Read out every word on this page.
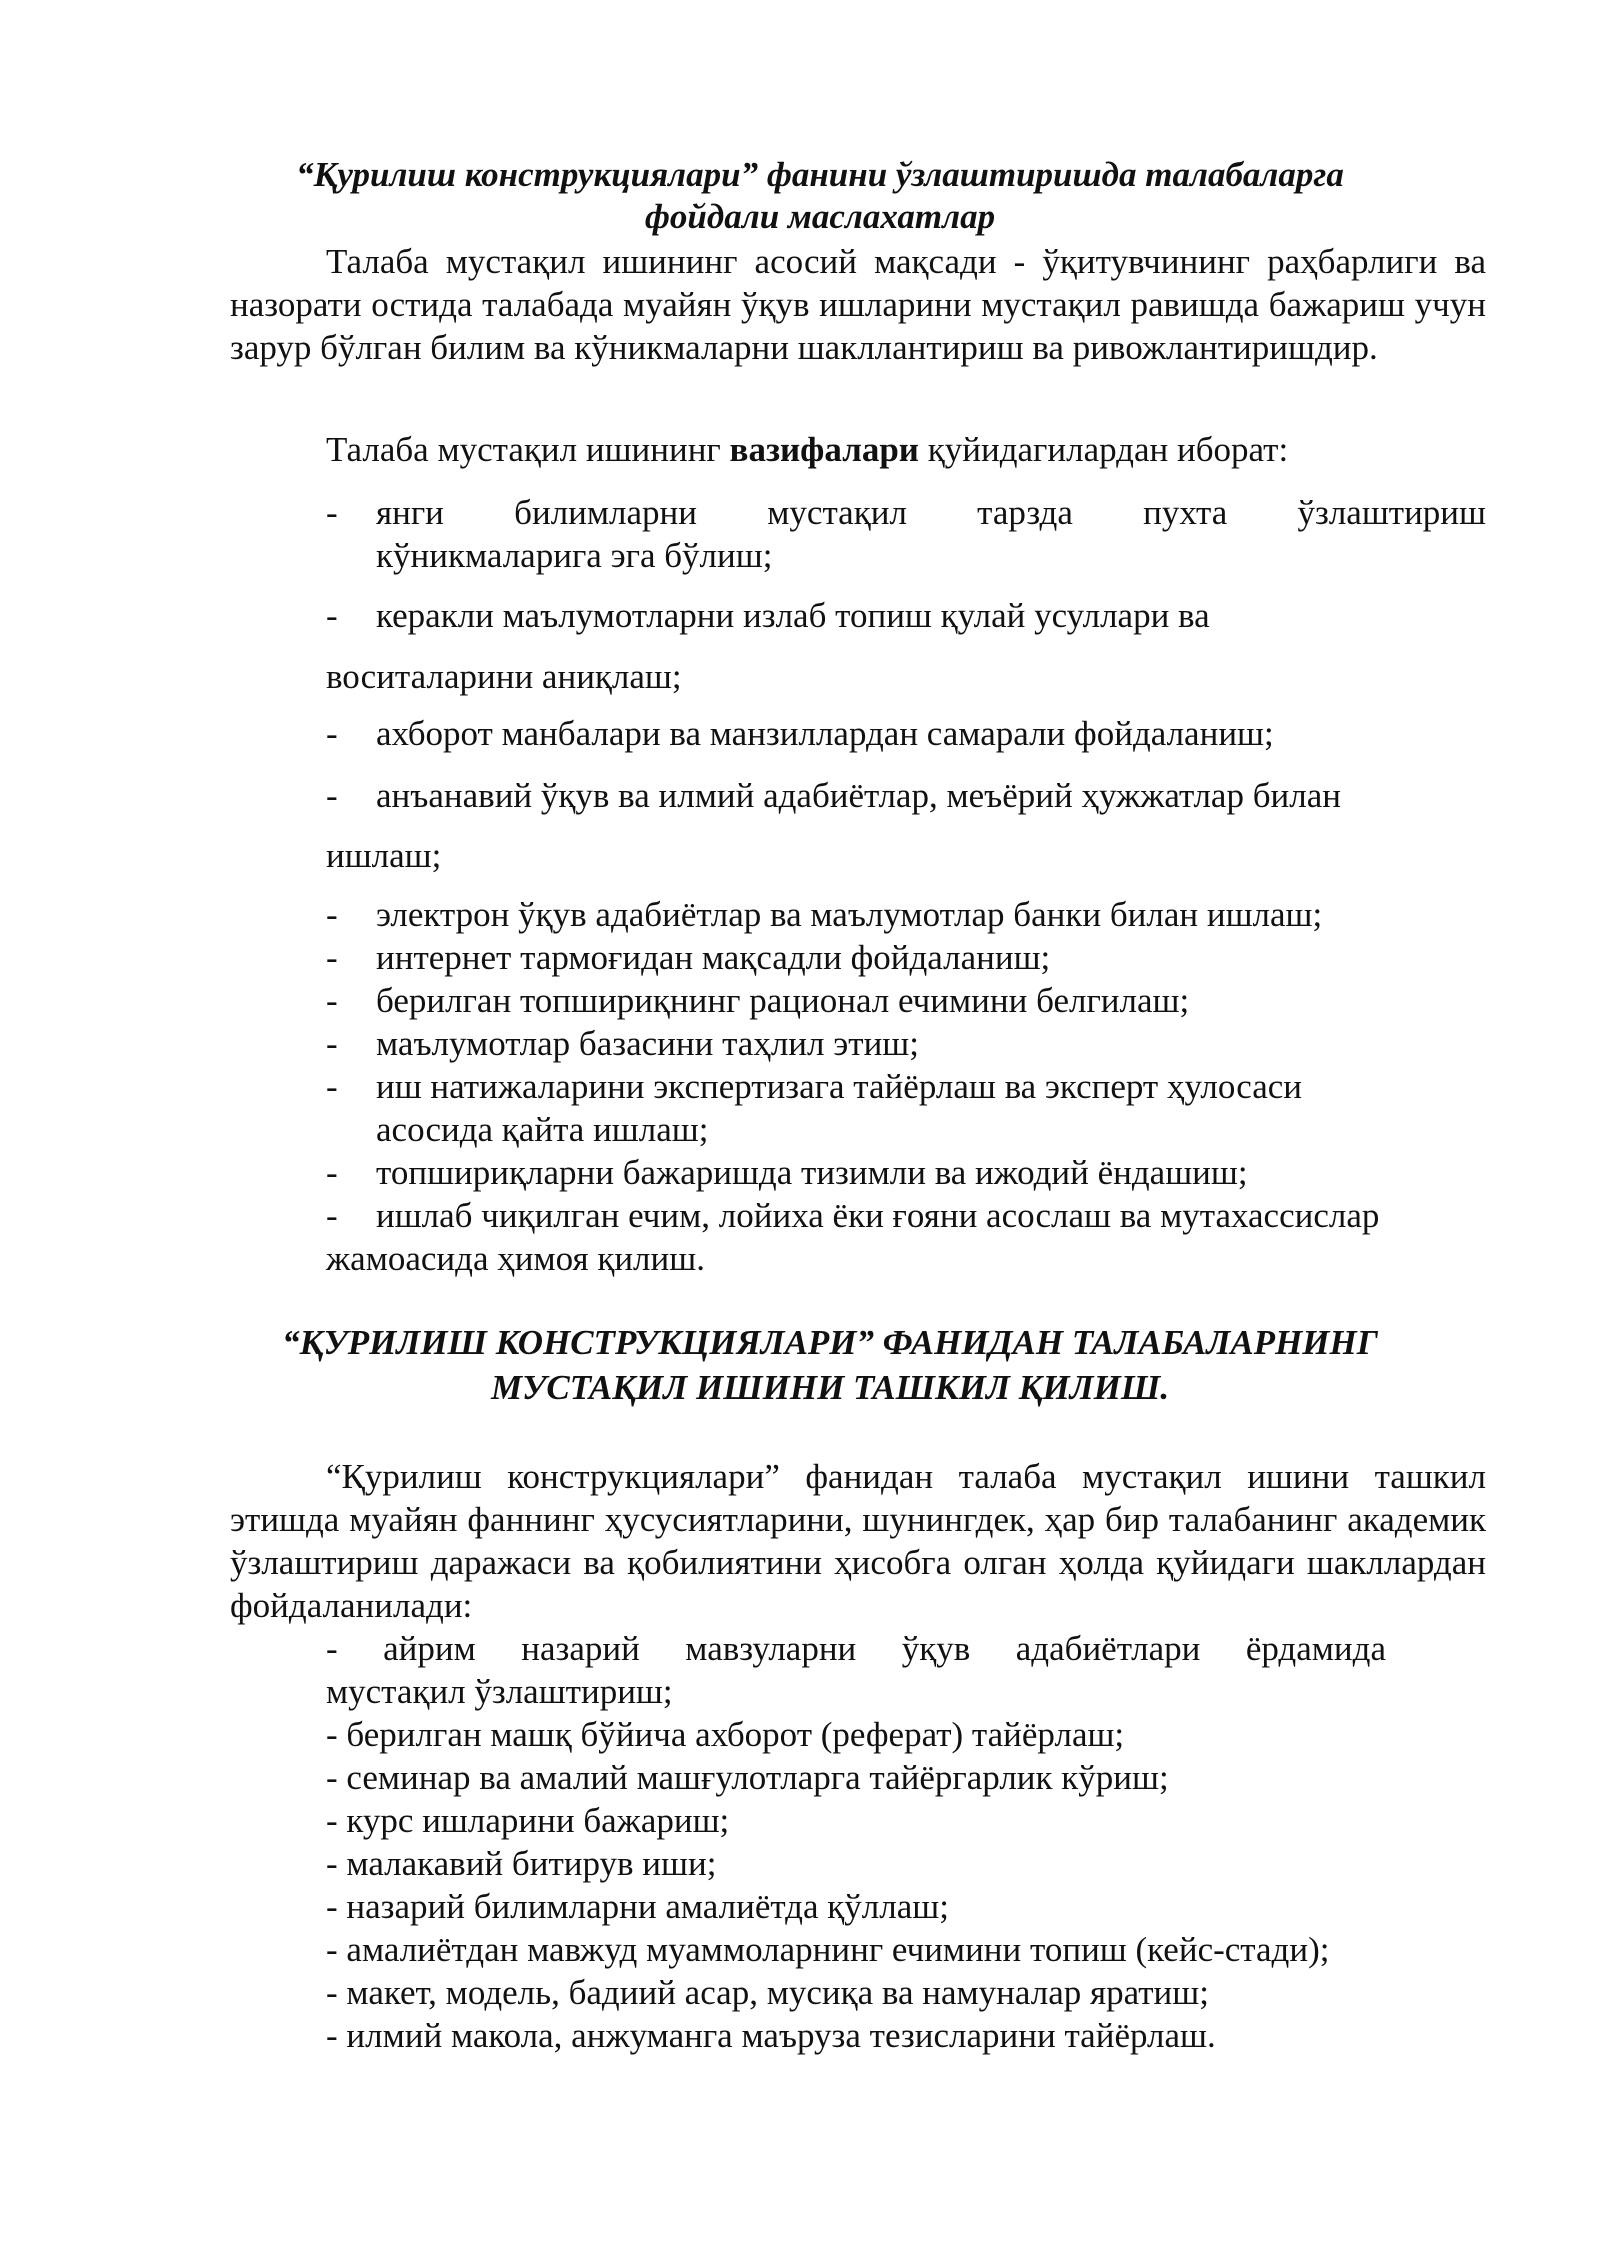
“Қурилиш конструкциялари” фанини ўзлаштиришда талабаларга
фойдали маслахатлар
Талаба мустақил ишининг асосий мақсади - ўқитувчининг раҳбарлиги ва назорати остида талабада муайян ўқув ишларини мустақил равишда бажариш учун зарур бўлган билим ва кўникмаларни шакллантириш ва ривожлантиришдир.
Талаба мустақил ишининг вазифалари қуйидагилардан иборат:
- янги билимларни мустақил тарзда пухта ўзлаштириш
кўникмаларига эга бўлиш;
- керакли маълумотларни излаб топиш қулай усуллари ва
воситаларини аниқлаш;
- ахборот манбалари ва манзиллардан самарали фойдаланиш;
- анъанавий ўқув ва илмий адабиётлар, меъёрий ҳужжатлар билан
ишлаш;
- электрон ўқув адабиётлар ва маълумотлар банки билан ишлаш;
- интернет тармоғидан мақсадли фойдаланиш;
- берилган топшириқнинг рационал ечимини белгилаш;
- маълумотлар базасини таҳлил этиш;
- иш натижаларини экспертизага тайёрлаш ва эксперт ҳулосаси
асосида қайта ишлаш;
- топшириқларни бажаришда тизимли ва ижодий ёндашиш;
- ишлаб чиқилган ечим, лойиха ёки ғояни асослаш ва мутахассислар
жамоасида ҳимоя қилиш.
“ҚУРИЛИШ КОНСТРУКЦИЯЛАРИ” ФАНИДАН ТАЛАБАЛАРНИНГ
МУСТАҚИЛ ИШИНИ ТАШКИЛ ҚИЛИШ.
“Қурилиш конструкциялари” фанидан талаба мустақил ишини ташкил этишда муайян фаннинг ҳусусиятларини, шунингдек, ҳар бир талабанинг академик ўзлаштириш даражаси ва қобилиятини ҳисобга олган ҳолда қуйидаги шакллардан фойдаланилади:
- айрим назарий мавзуларни ўқув адабиётлари ёрдамида
мустақил ўзлаштириш;
- берилган машқ бўйича ахборот (реферат) тайёрлаш;
- семинар ва амалий машғулотларга тайёргарлик кўриш;
- курс ишларини бажариш;
- малакавий битирув иши;
- назарий билимларни амалиётда қўллаш;
- амалиётдан мавжуд муаммоларнинг ечимини топиш (кейс-стади);
- макет, модель, бадиий асар, мусиқа ва намуналар яратиш;
- илмий макола, анжуманга маъруза тезисларини тайёрлаш.
